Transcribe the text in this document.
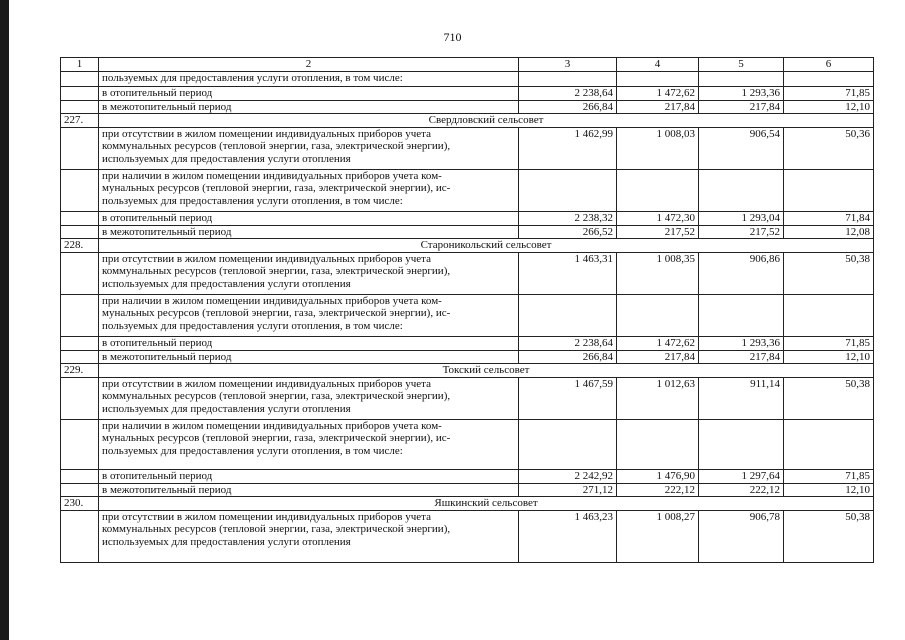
710
1	2	3	4	5	6
	пользуемых для предоставления услуги отопления, в том числе:				
	в отопительный период	2 238,64	1 472,62	1 293,36	71,85
	в межотопительный период	266,84	217,84	217,84	12,10
227.	Свердловский сельсовет				

	при отсутствии в жилом помещении индивидуальных приборов учета
коммунальных ресурсов (тепловой энергии, газа, электрической энергии),
используемых для предоставления услуги отопления	1 462,99	1 008,03	906,54	50,36

	при наличии в жилом помещении индивидуальных приборов учета ком-
мунальных ресурсов (тепловой энергии, газа, электрической энергии), ис-
пользуемых для предоставления услуги отопления, в том числе:				

	в отопительный период	2 238,32	1 472,30	1 293,04	71,84
	в межотопительный период	266,52	217,52	217,52	12,08
228.	Староникольский сельсовет				

	при отсутствии в жилом помещении индивидуальных приборов учета
коммунальных ресурсов (тепловой энергии, газа, электрической энергии),
используемых для предоставления услуги отопления	1 463,31	1 008,35	906,86	50,38

	при наличии в жилом помещении индивидуальных приборов учета ком-
мунальных ресурсов (тепловой энергии, газа, электрической энергии), ис-
пользуемых для предоставления услуги отопления, в том числе:				

	в отопительный период	2 238,64	1 472,62	1 293,36	71,85
	в межотопительный период	266,84	217,84	217,84	12,10
229.	Токский сельсовет				

	при отсутствии в жилом помещении индивидуальных приборов учета
коммунальных ресурсов (тепловой энергии, газа, электрической энергии),
используемых для предоставления услуги отопления	1 467,59	1 012,63	911,14	50,38

	при наличии в жилом помещении индивидуальных приборов учета ком-
мунальных ресурсов (тепловой энергии, газа, электрической энергии), ис-
пользуемых для предоставления услуги отопления, в том числе:				

	в отопительный период	2 242,92	1 476,90	1 297,64	71,85
	в межотопительный период	271,12	222,12	222,12	12,10
230.	Яшкинский сельсовет				

	при отсутствии в жилом помещении индивидуальных приборов учета
коммунальных ресурсов (тепловой энергии, газа, электрической энергии),
используемых для предоставления услуги отопления	1 463,23	1 008,27	906,78	50,38
